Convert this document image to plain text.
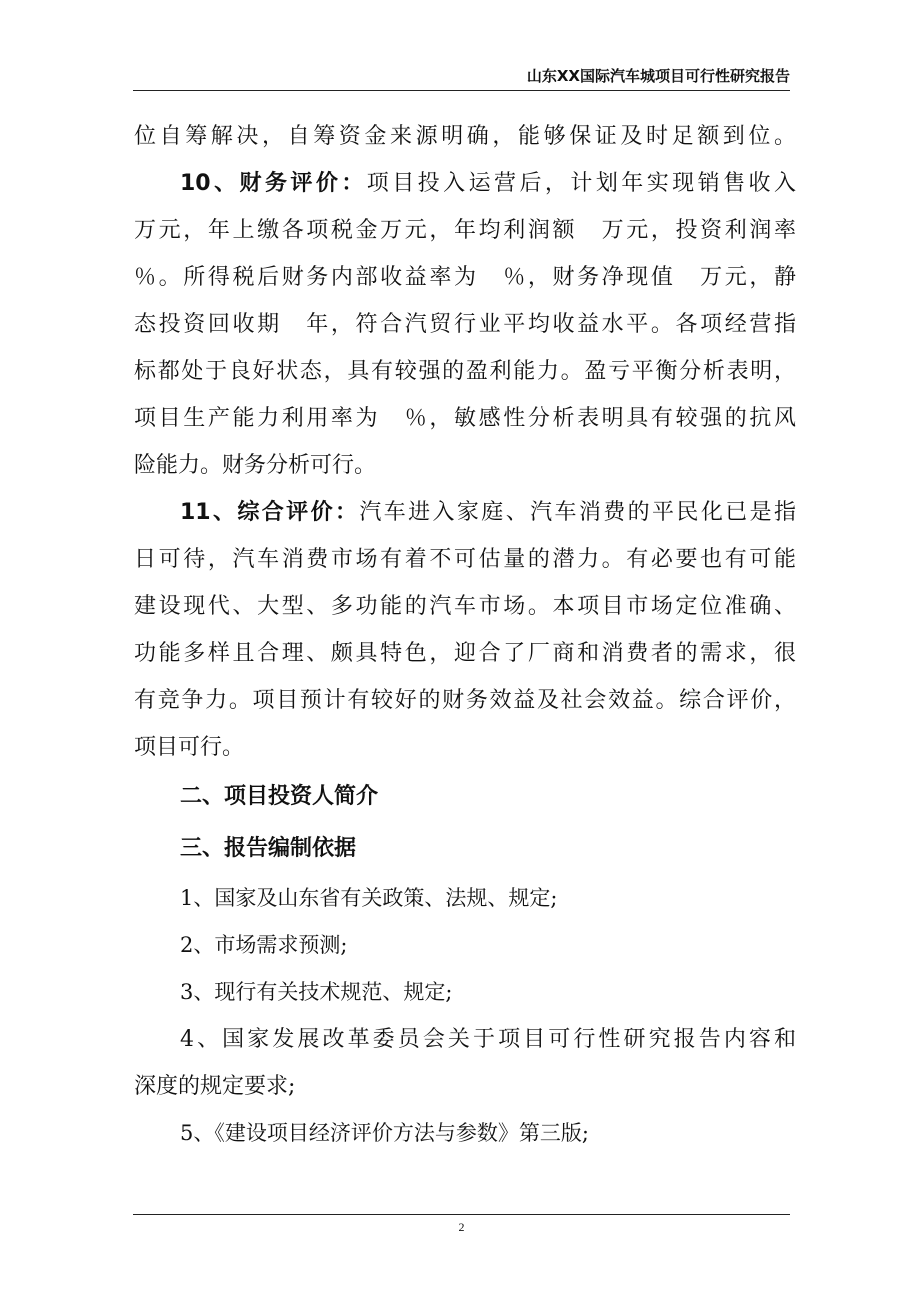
山东XX国际汽车城项目可行性研究报告
位自筹解决，自筹资金来源明确，能够保证及时足额到位。
10、财务评价：项目投入运营后，计划年实现销售收入
万元，年上缴各项税金万元，年均利润额　万元，投资利润率
％。所得税后财务内部收益率为　％，财务净现值　万元，静
态投资回收期　年，符合汽贸行业平均收益水平。各项经营指
标都处于良好状态，具有较强的盈利能力。盈亏平衡分析表明，
项目生产能力利用率为　％，敏感性分析表明具有较强的抗风
险能力。财务分析可行。
11、综合评价：汽车进入家庭、汽车消费的平民化已是指
日可待，汽车消费市场有着不可估量的潜力。有必要也有可能
建设现代、大型、多功能的汽车市场。本项目市场定位准确、
功能多样且合理、颇具特色，迎合了厂商和消费者的需求，很
有竞争力。项目预计有较好的财务效益及社会效益。综合评价，
项目可行。
二、项目投资人简介
三、报告编制依据
1、国家及山东省有关政策、法规、规定;
2、市场需求预测;
3、现行有关技术规范、规定;
4、国家发展改革委员会关于项目可行性研究报告内容和
深度的规定要求;
5、《建设项目经济评价方法与参数》第三版;
2
